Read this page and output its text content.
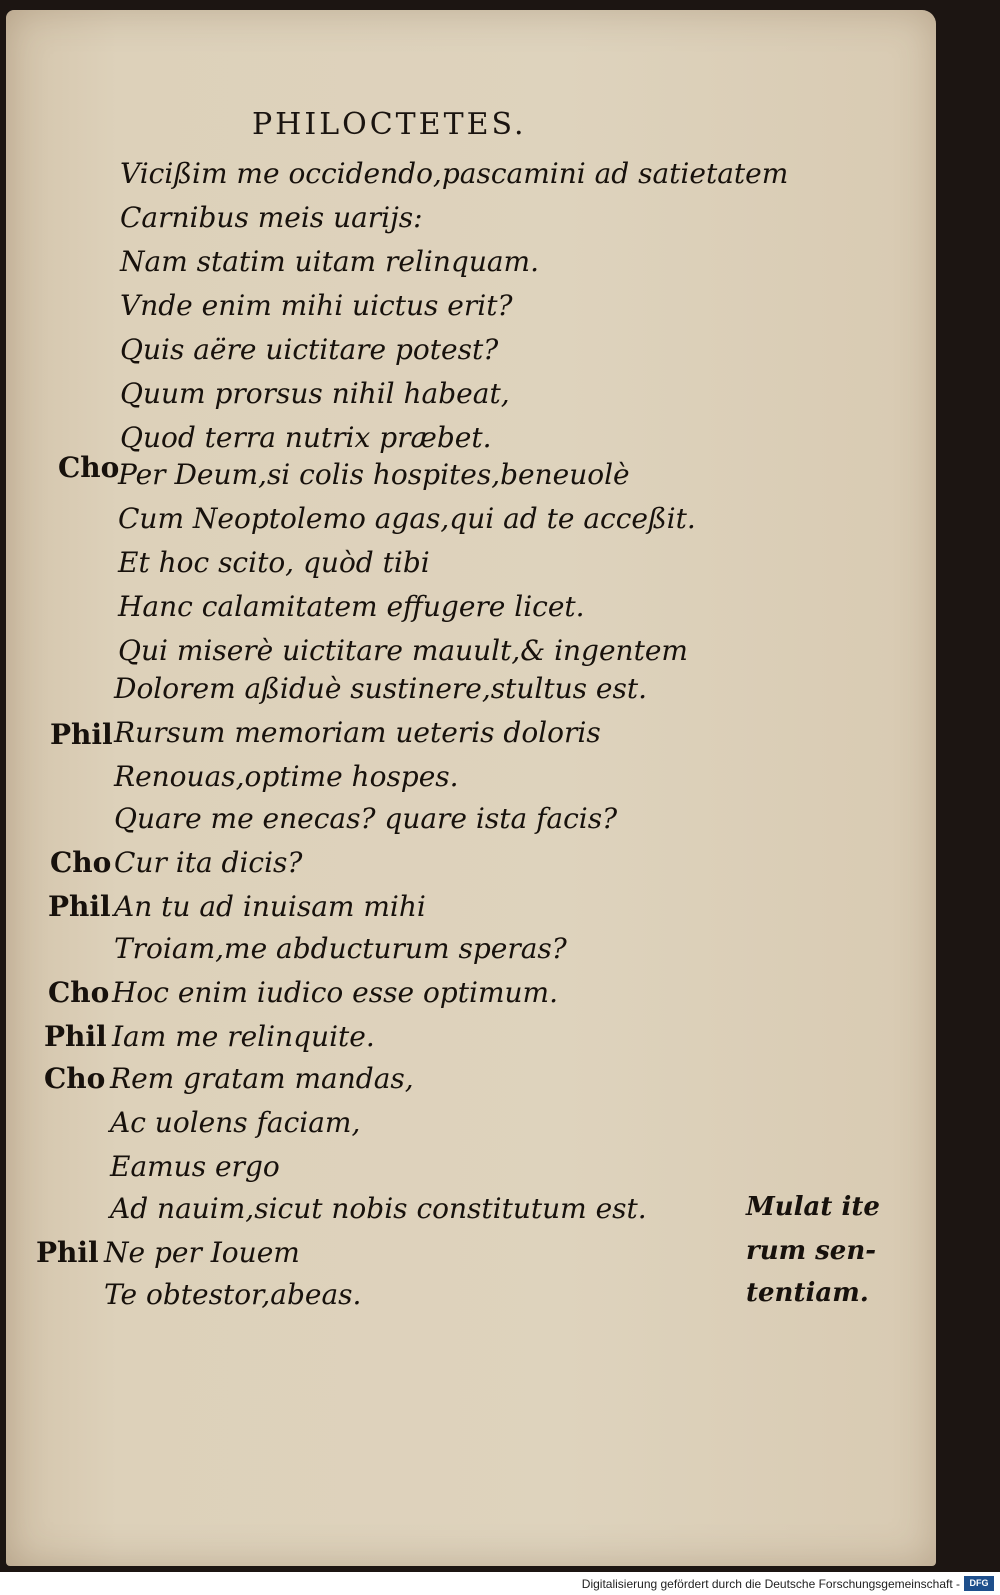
PHILOCTETES.
Vicißim me occidendo,pascamini ad satietatem
Carnibus meis uarijs:
Nam statim uitam relinquam.
Vnde enim mihi uictus erit?
Quis aëre uictitare potest?
Quum prorsus nihil habeat,
Quod terra nutrix præbet.
Cho
Per Deum,si colis hospites,beneuolè
Cum Neoptolemo agas,qui ad te acceßit.
Et hoc scito, quòd tibi
Hanc calamitatem effugere licet.
Qui miserè uictitare mauult,& ingentem
Dolorem aßiduè sustinere,stultus est.
Phil Rursum memoriam ueteris doloris
Renouas,optime hospes.
Quare me enecas? quare ista facis?
Cho Cur ita dicis?
Phil An tu ad inuisam mihi
Troiam,me abducturum speras?
Cho Hoc enim iudico esse optimum.
Phil Iam me relinquite.
Cho Rem gratam mandas,
Ac uolens faciam,
Eamus ergo
Ad nauim,sicut nobis constitutum est.
Phil Ne per Iouem
Te obtestor,abeas.
Mulat ite
rum sen-
tentiam.
Digitalisierung gefördert durch die Deutsche Forschungsgemeinschaft -	DFG
